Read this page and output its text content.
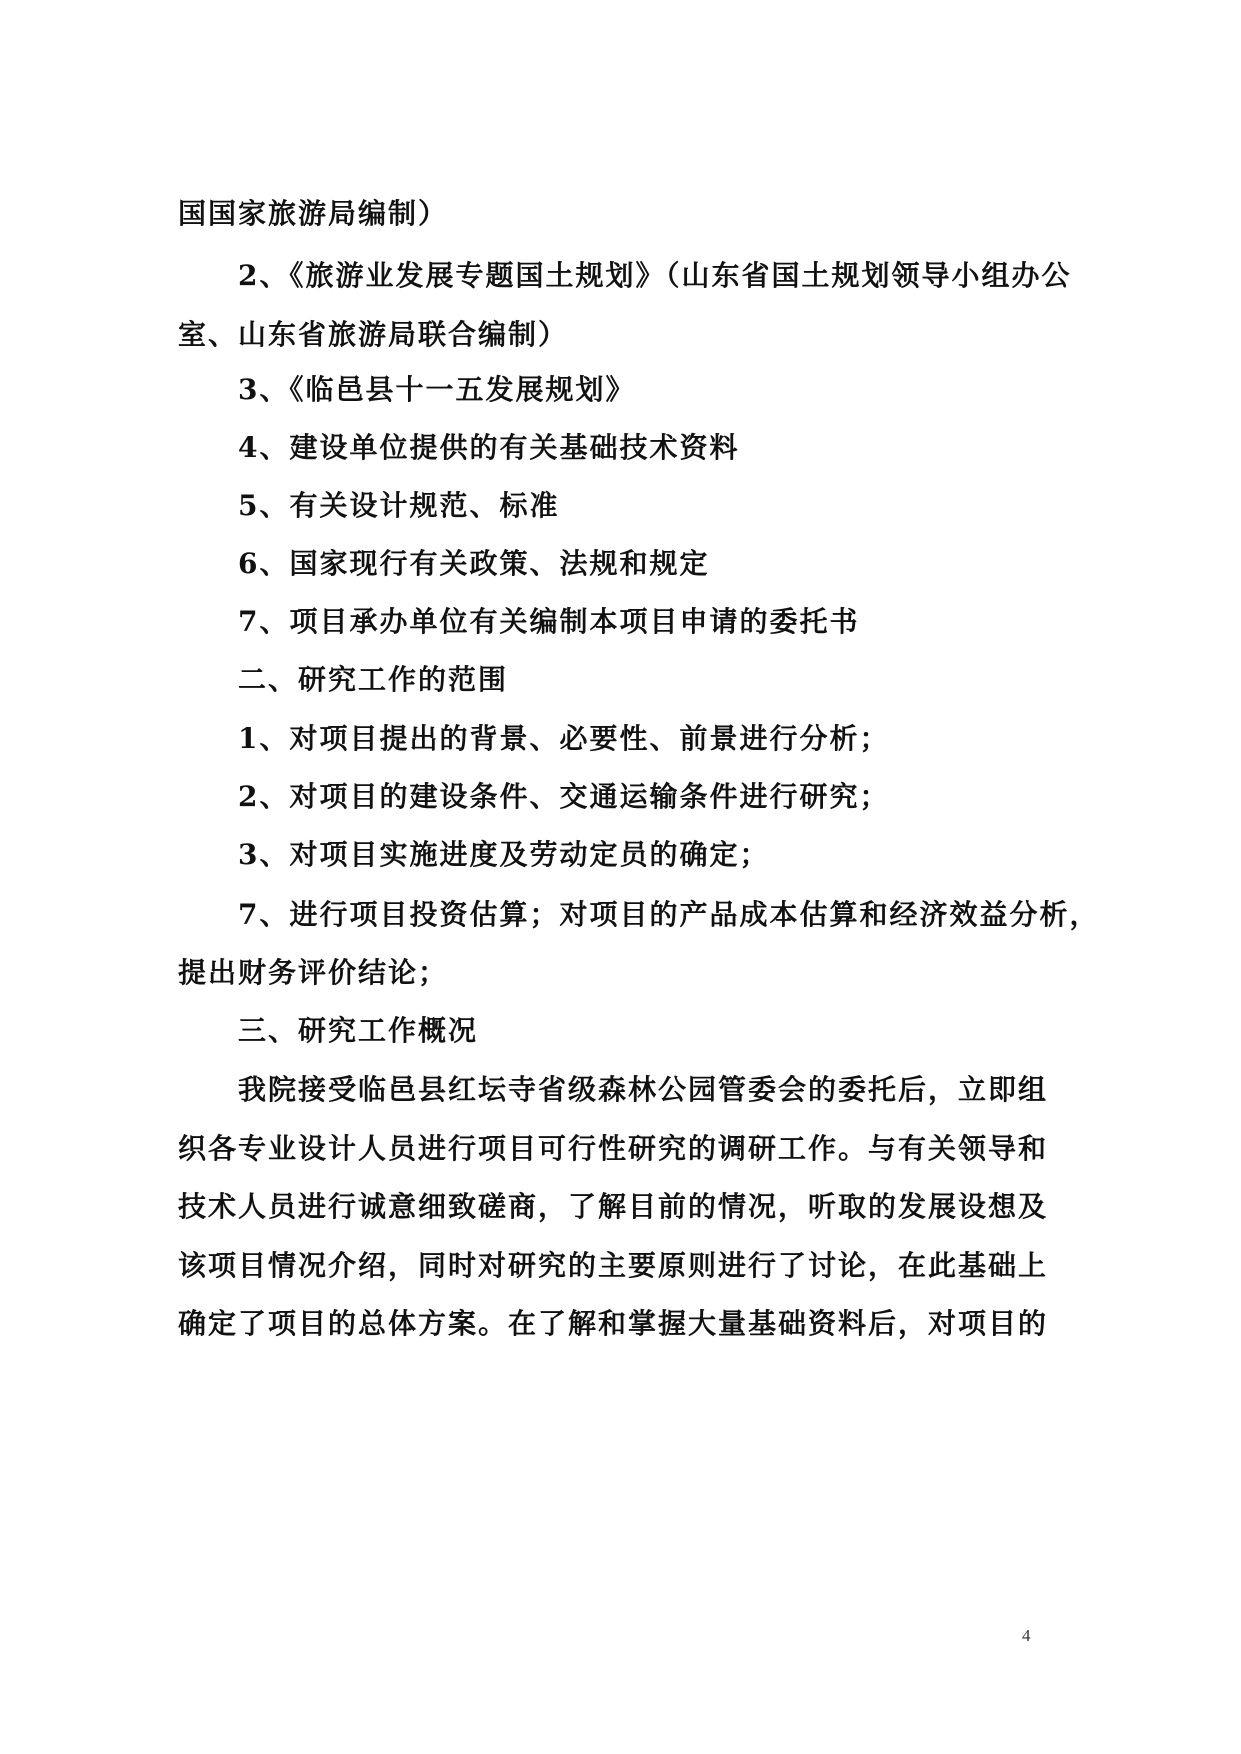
国国家旅游局编制）
2、《旅游业发展专题国土规划》（山东省国土规划领导小组办公
室、山东省旅游局联合编制）
3、《临邑县十一五发展规划》
4、建设单位提供的有关基础技术资料
5、有关设计规范、标准
6、国家现行有关政策、法规和规定
7、项目承办单位有关编制本项目申请的委托书
二、研究工作的范围
1、对项目提出的背景、必要性、前景进行分析；
2、对项目的建设条件、交通运输条件进行研究；
3、对项目实施进度及劳动定员的确定；
7、进行项目投资估算；对项目的产品成本估算和经济效益分析，
提出财务评价结论；
三、研究工作概况
我院接受临邑县红坛寺省级森林公园管委会的委托后，立即组
织各专业设计人员进行项目可行性研究的调研工作。与有关领导和
技术人员进行诚意细致磋商，了解目前的情况，听取的发展设想及
该项目情况介绍，同时对研究的主要原则进行了讨论，在此基础上
确定了项目的总体方案。在了解和掌握大量基础资料后，对项目的
4
